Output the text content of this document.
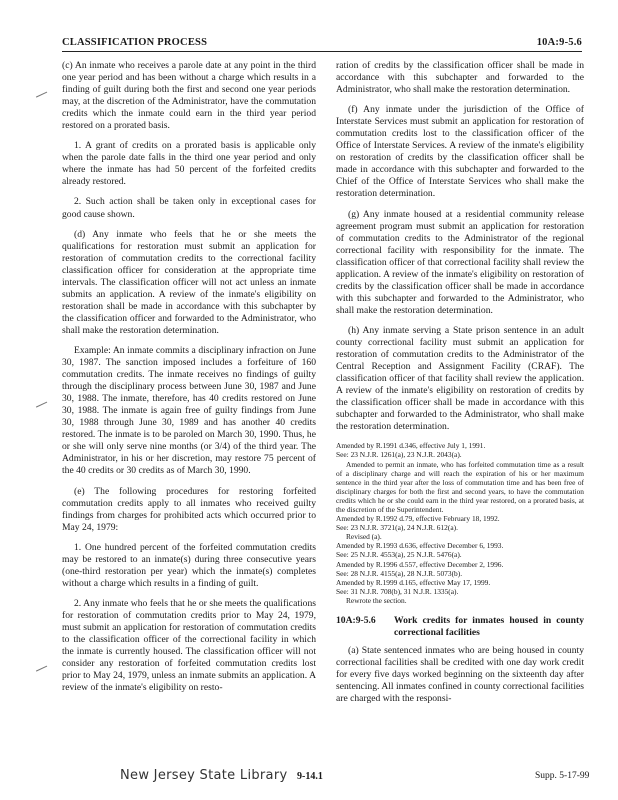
CLASSIFICATION PROCESS	10A:9-5.6

(c) An inmate who receives a parole date at any point in the third one year period and has been without a charge which results in a finding of guilt during both the first and second one year periods may, at the discretion of the Administrator, have the commutation credits which the inmate could earn in the third year period restored on a prorated basis.

1. A grant of credits on a prorated basis is applicable only when the parole date falls in the third one year period and only where the inmate has had 50 percent of the forfeited credits already restored.

2. Such action shall be taken only in exceptional cases for good cause shown.

(d) Any inmate who feels that he or she meets the qualifications for restoration must submit an application for restoration of commutation credits to the correctional facility classification officer for consideration at the appropriate time intervals. The classification officer will not act unless an inmate submits an application. A review of the inmate's eligibility on restoration shall be made in accordance with this subchapter by the classification officer and forwarded to the Administrator, who shall make the restoration determination.

Example: An inmate commits a disciplinary infraction on June 30, 1987. The sanction imposed includes a forfeiture of 160 commutation credits. The inmate receives no findings of guilty through the disciplinary process between June 30, 1987 and June 30, 1988. The inmate, therefore, has 40 credits restored on June 30, 1988. The inmate is again free of guilty findings from June 30, 1988 through June 30, 1989 and has another 40 credits restored. The inmate is to be paroled on March 30, 1990. Thus, he or she will only serve nine months (or 3/4) of the third year. The Administrator, in his or her discretion, may restore 75 percent of the 40 credits or 30 credits as of March 30, 1990.

(e) The following procedures for restoring forfeited commutation credits apply to all inmates who received guilty findings from charges for prohibited acts which occurred prior to May 24, 1979:

1. One hundred percent of the forfeited commutation credits may be restored to an inmate(s) during three consecutive years (one-third restoration per year) which the inmate(s) completes without a charge which results in a finding of guilt.

2. Any inmate who feels that he or she meets the qualifications for restoration of commutation credits prior to May 24, 1979, must submit an application for restoration of commutation credits to the classification officer of the correctional facility in which the inmate is currently housed. The classification officer will not consider any restoration of forfeited commutation credits lost prior to May 24, 1979, unless an inmate submits an application. A review of the inmate's eligibility on resto-

ration of credits by the classification officer shall be made in accordance with this subchapter and forwarded to the Administrator, who shall make the restoration determination.

(f) Any inmate under the jurisdiction of the Office of Interstate Services must submit an application for restoration of commutation credits lost to the classification officer of the Office of Interstate Services. A review of the inmate's eligibility on restoration of credits by the classification officer shall be made in accordance with this subchapter and forwarded to the Chief of the Office of Interstate Services who shall make the restoration determination.

(g) Any inmate housed at a residential community release agreement program must submit an application for restoration of commutation credits to the Administrator of the regional correctional facility with responsibility for the inmate. The classification officer of that correctional facility shall review the application. A review of the inmate's eligibility on restoration of credits by the classification officer shall be made in accordance with this subchapter and forwarded to the Administrator, who shall make the restoration determination.

(h) Any inmate serving a State prison sentence in an adult county correctional facility must submit an application for restoration of commutation credits to the Administrator of the Central Reception and Assignment Facility (CRAF). The classification officer of that facility shall review the application. A review of the inmate's eligibility on restoration of credits by the classification officer shall be made in accordance with this subchapter and forwarded to the Administrator, who shall make the restoration determination.

Amended by R.1991 d.346, effective July 1, 1991.
See: 23 N.J.R. 1261(a), 23 N.J.R. 2043(a).
Amended to permit an inmate, who has forfeited commutation time as a result of a disciplinary charge and will reach the expiration of his or her maximum sentence in the third year after the loss of commutation time and has been free of disciplinary charges for both the first and second years, to have the commutation credits which he or she could earn in the third year restored, on a prorated basis, at the discretion of the Superintendent.
Amended by R.1992 d.79, effective February 18, 1992.
See: 23 N.J.R. 3721(a), 24 N.J.R. 612(a).
Revised (a).
Amended by R.1993 d.636, effective December 6, 1993.
See: 25 N.J.R. 4553(a), 25 N.J.R. 5476(a).
Amended by R.1996 d.557, effective December 2, 1996.
See: 28 N.J.R. 4155(a), 28 N.J.R. 5073(b).
Amended by R.1999 d.165, effective May 17, 1999.
See: 31 N.J.R. 708(b), 31 N.J.R. 1335(a).
Rewrote the section.
10A:9-5.6	Work credits for inmates housed in county correctional facilities

(a) State sentenced inmates who are being housed in county correctional facilities shall be credited with one day work credit for every five days worked beginning on the sixteenth day after sentencing. All inmates confined in county correctional facilities are charged with the responsi-

New Jersey State Library 9-14.1	Supp. 5-17-99
